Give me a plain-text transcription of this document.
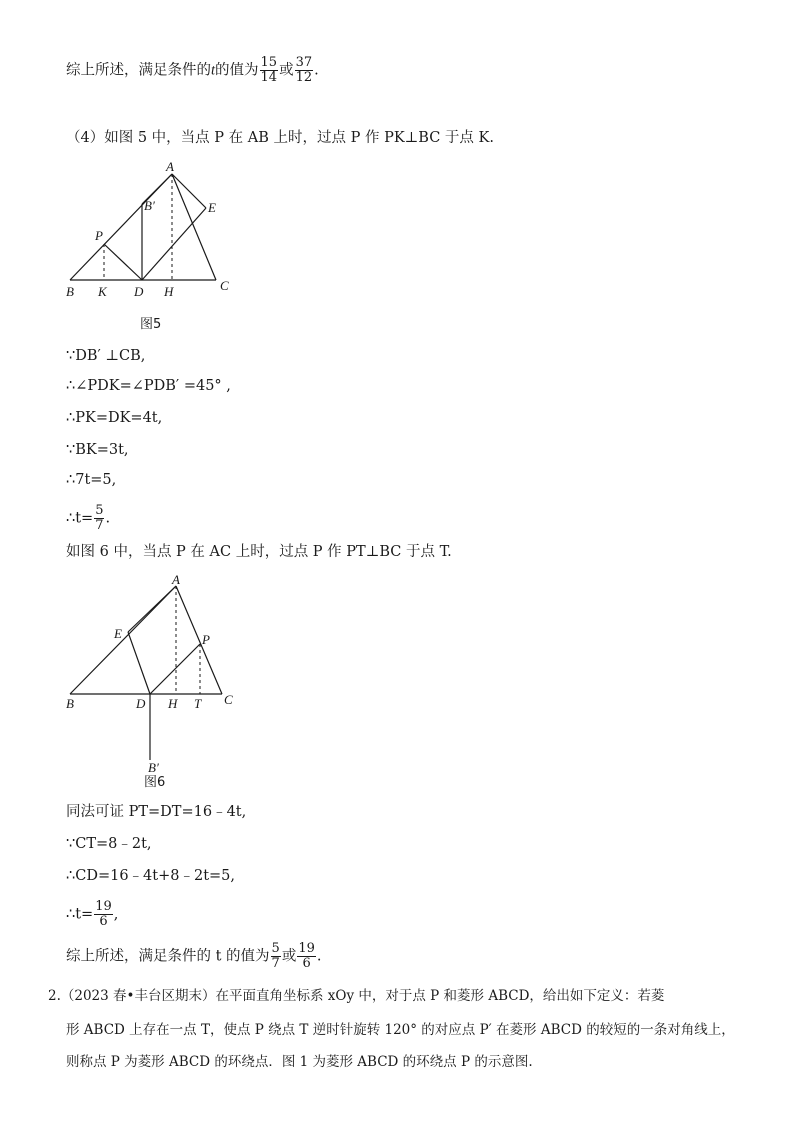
综上所述，满足条件的t的值为 $\frac{15}{14}$ 或 $\frac{37}{12}$ .
（4）如图 5 中，当点 P 在 AB 上时，过点 P 作 PK⊥BC 于点 K.
A
B′	E
P
B K D H	C
图5
∵DB′ ⊥CB,
∴∠PDK=∠PDB′ =45° ,
∴PK=DK=4t,
∵BK=3t,
∴7t=5,
∴t= $\frac{5}{7}$ .
如图 6 中，当点 P 在 AC 上时，过点 P 作 PT⊥BC 于点 T.
A
E	P
B	D H T C
B′
图6
同法可证 PT=DT=16﹣4t,
∵CT=8﹣2t,
∴CD=16﹣4t+8﹣2t=5,
∴t= $\frac{19}{6}$ ,
综上所述，满足条件的 t 的值为 $\frac{5}{7}$ 或 $\frac{19}{6}$ .
2.（2023 春•丰台区期末）在平面直角坐标系 xOy 中，对于点 P 和菱形 ABCD，给出如下定义：若菱
形 ABCD 上存在一点 T，使点 P 绕点 T 逆时针旋转 120° 的对应点 P′ 在菱形 ABCD 的较短的一条对角线上，
则称点 P 为菱形 ABCD 的环绕点．图 1 为菱形 ABCD 的环绕点 P 的示意图.
